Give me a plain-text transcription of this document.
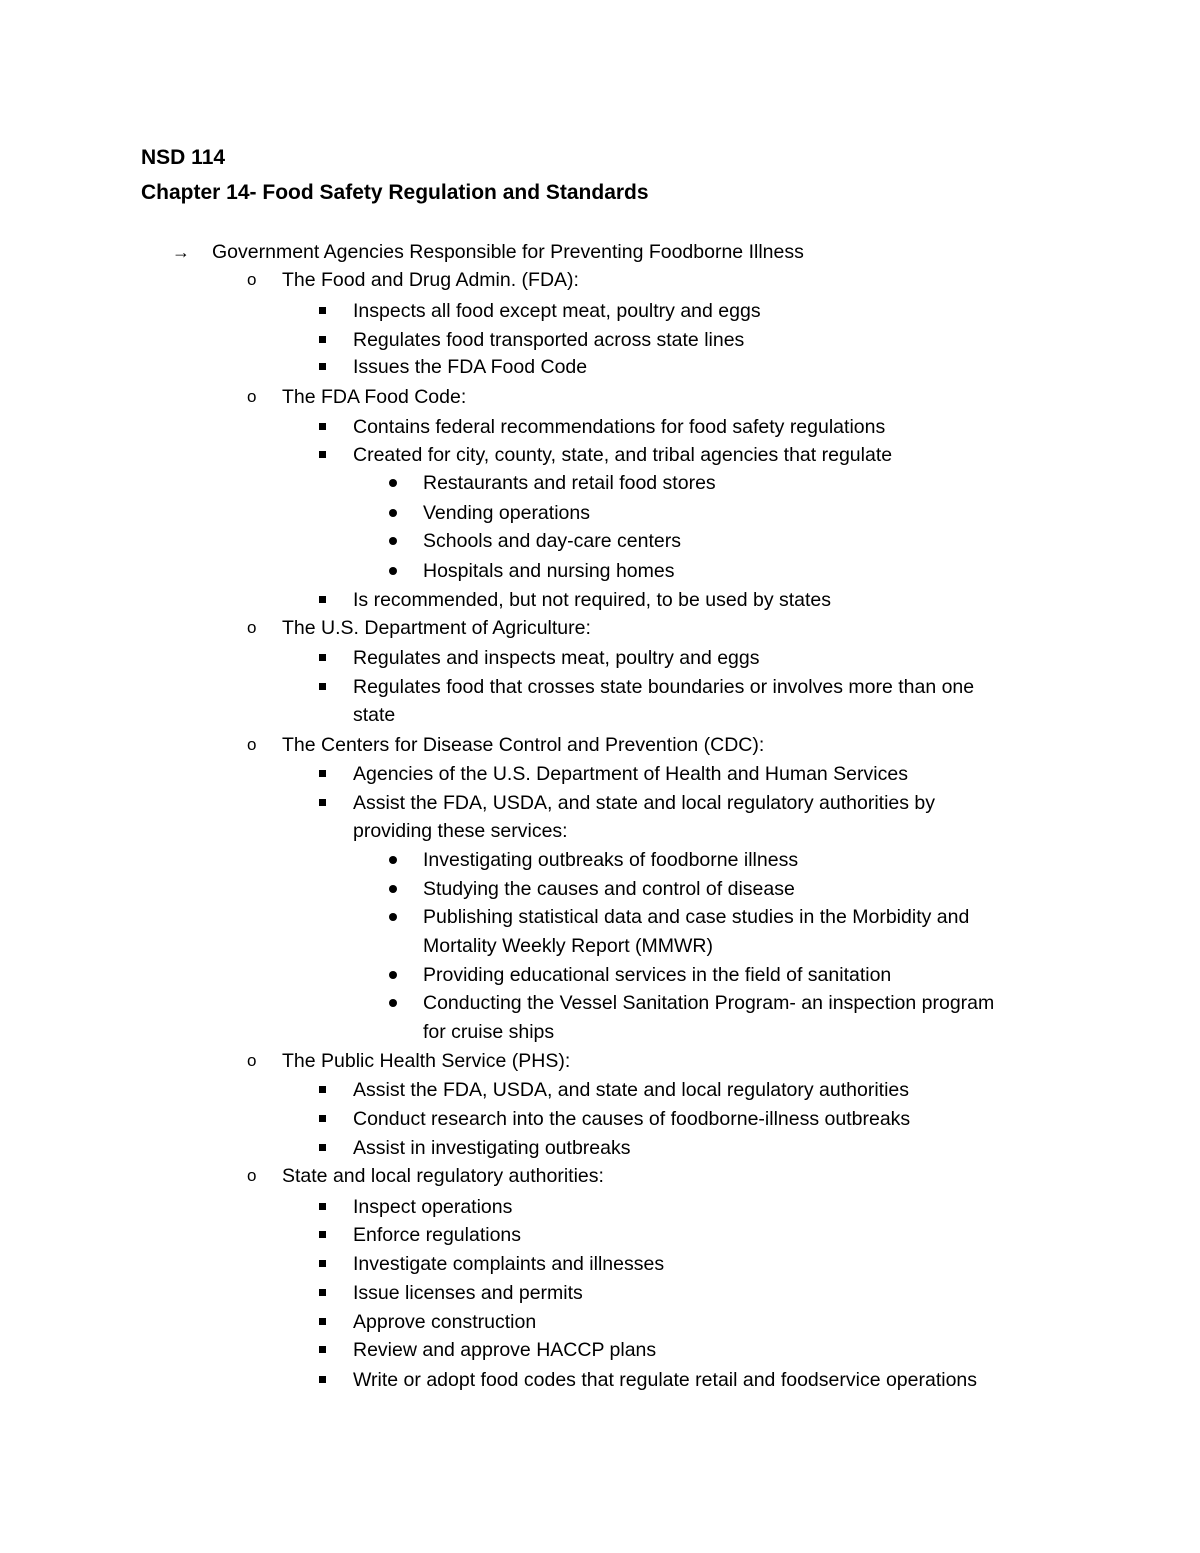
NSD 114
Chapter 14- Food Safety Regulation and Standards
→ Government Agencies Responsible for Preventing Foodborne Illness
o The Food and Drug Admin. (FDA):
Inspects all food except meat, poultry and eggs
Regulates food transported across state lines
Issues the FDA Food Code
o The FDA Food Code:
Contains federal recommendations for food safety regulations
Created for city, county, state, and tribal agencies that regulate
Restaurants and retail food stores
Vending operations
Schools and day-care centers
Hospitals and nursing homes
Is recommended, but not required, to be used by states
o The U.S. Department of Agriculture:
Regulates and inspects meat, poultry and eggs
Regulates food that crosses state boundaries or involves more than one
state
o The Centers for Disease Control and Prevention (CDC):
Agencies of the U.S. Department of Health and Human Services
Assist the FDA, USDA, and state and local regulatory authorities by
providing these services:
Investigating outbreaks of foodborne illness
Studying the causes and control of disease
Publishing statistical data and case studies in the Morbidity and
Mortality Weekly Report (MMWR)
Providing educational services in the field of sanitation
Conducting the Vessel Sanitation Program- an inspection program
for cruise ships
o The Public Health Service (PHS):
Assist the FDA, USDA, and state and local regulatory authorities
Conduct research into the causes of foodborne-illness outbreaks
Assist in investigating outbreaks
o State and local regulatory authorities:
Inspect operations
Enforce regulations
Investigate complaints and illnesses
Issue licenses and permits
Approve construction
Review and approve HACCP plans
Write or adopt food codes that regulate retail and foodservice operations
